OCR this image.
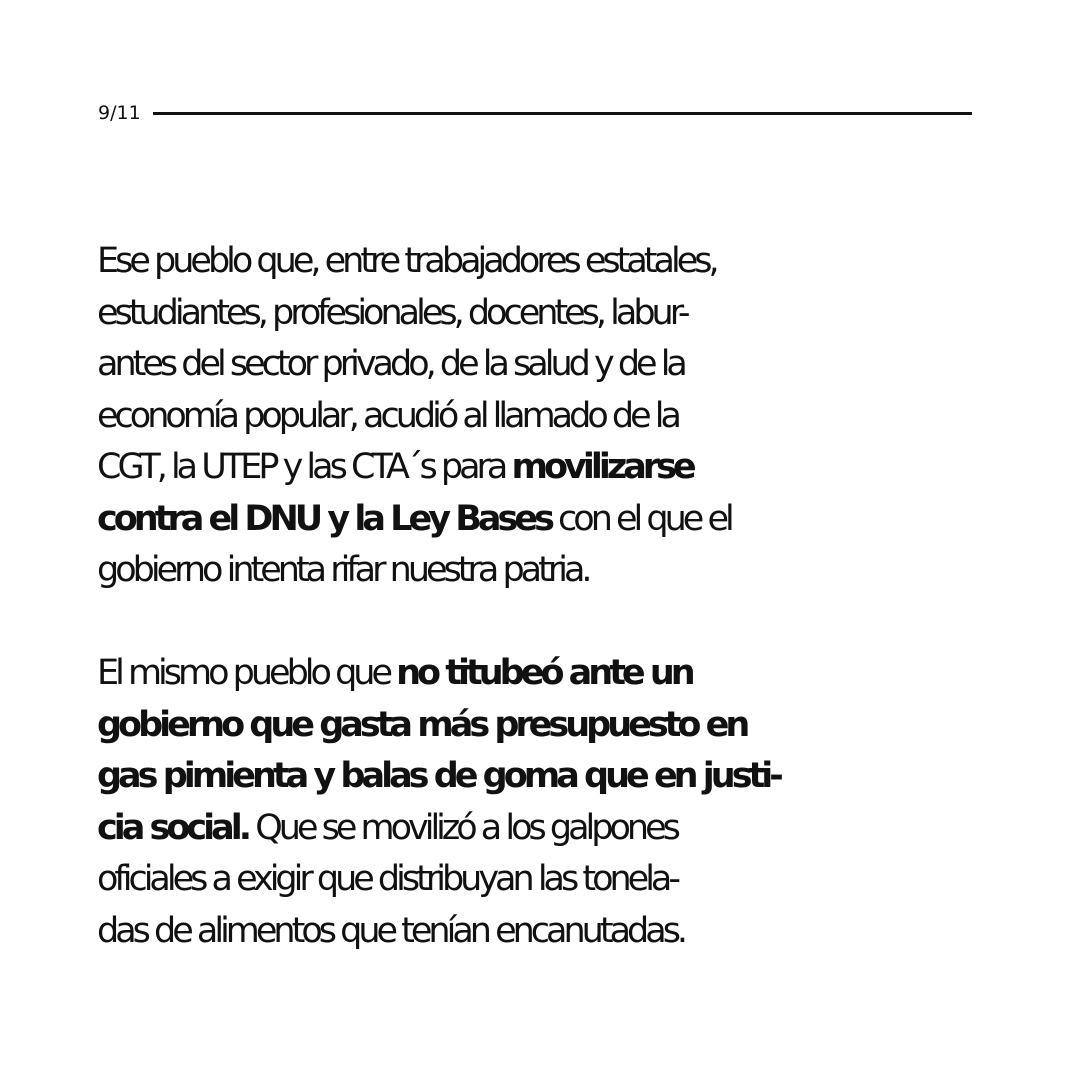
9/11
Ese pueblo que, entre trabajadores estatales,
estudiantes, profesionales, docentes, labur-
antes del sector privado, de la salud y de la
economía popular, acudió al llamado de la
CGT, la UTEP y las CTA´s para movilizarse
contra el DNU y la Ley Bases con el que el
gobierno intenta rifar nuestra patria.
El mismo pueblo que no titubeó ante un
gobierno que gasta más presupuesto en
gas pimienta y balas de goma que en justi-
cia social. Que se movilizó a los galpones
oficiales a exigir que distribuyan las tonela-
das de alimentos que tenían encanutadas.
